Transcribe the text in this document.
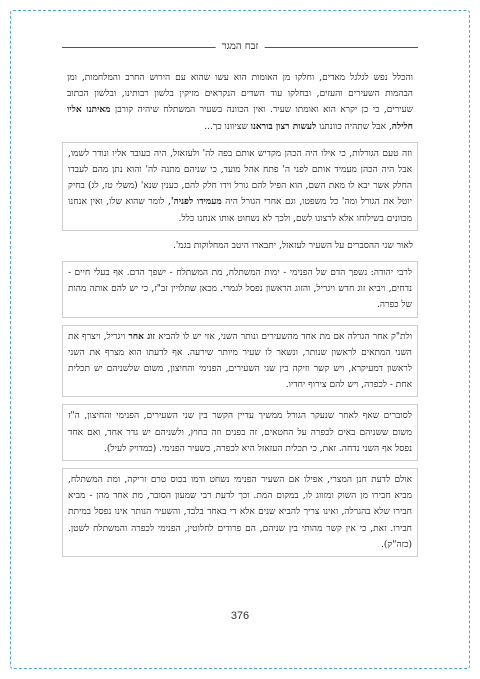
זבח המגר
והכלל נפש לגלגל מאדים, וחלקו מן האומות הוא עשו שהוא עם הירוש החרב והמלחמות, ומן הבהמות השעירים והעזים, ובחלקו עוד השדים הנקראים מזיקין בלשון רבותינו, ובלשון הכתוב שעירים, כי כן יקרא הוא ואומתו שעיר. ואין הכוונה בשעיר המשתלח שיהיה קורבן מאיתנו אליו חלילה, אבל שתהיה כוונתנו לעשות רצון בוראנו שציוונו כך...
וזה טעם הגורלות, כי אילו היה הכהן מקדיש אותם בפה לה' ולעזאזל, היה כעובד אליו ונודר לשמו, אבל היה הכהן מעמיד אותם לפני ה' פתח אהל מועד, כי שניהם מתנה לה' והוא נתן מהם לעבדו החלק אשר יבא לו מאת השם, הוא הפיל להם גורל וידו חלק להם, כענין שנא' (משלי טז, לג) בחיק יוטל את הגורל ומה' כל משפטו, וגם אחרי הגורל היה מעמידו לפניה', לומר שהוא שלו, ואין אנחנו מכוונים בשילוחו אלא לרצונו לשם, ולכך לא נשחוט אותו אנחנו כלל.
לאור שני ההסברים על השעיר לעזאזל, יתבארו היטב המחלוקות בגמ'.
לרבי יהודה: נשפך הדם של הפנימי - ימות המשתלח, מת המשתלח - ישפך הדם. אף בעלי חיים - נדחים, ויביא זוג חדש ויגריל, והזוג הראשון נפסל לגמרי. מכאן שתלויין זב"ז, כי יש להם אותה מהות של כפרה.
ולת"ק אחר הגרלה אם מת אחד מהשעירים ונותר השני, אזי יש לו להביא זוג אחר ויגריל, ויצרף את השני המתאים לראשון שנותר, ונשאר לו שעיר מיותר שירעה. אף לדעתו הוא מצרף את השני לראשון דמעיקרא, ויש קשר וזיקה בין שני השעירים, הפנימי והחיצון, משום שלשניהם יש תכלית אחת - לכפרה, ויש להם צירוף יחדיו.
לסוברים שאף לאחר שנעקר הגורל ממשיך עדיין הקשר בין שני השעירים, הפנימי והחיצון, ה"ז משום ששניהם באים לכפרה על החטאים, זה בפנים וזה בחוץ, ולשניהם יש גדר אחד, ואם אחד נפסל אף השני נדחה. זאת, כי תכלית העזאזל היא לכפרה, כשעיר הפנימי. (כמדויק לעיל).
אולם לדעת חנן המצרי, אפילו אם השעיר הפנימי נשחט ודמו בכוס טרם זריקה, ומת המשתלח, מביא חבירו מן השוק ומזווג לו, במקום המת. וכך לדעת רבי שמעון הסובר, מת אחד מהן - מביא חבירו שלא בהגרלה, ואינו צריך להביא שנים אלא די באחד בלבד, והשעיר הנותר אינו נפסל במיתת חבירו. זאת, כי אין קשר מהותי בין שניהם, הם פרודים לחלוטין, הפנימי לכפרה והמשתלח לשטן. (כזה"ק).
376
